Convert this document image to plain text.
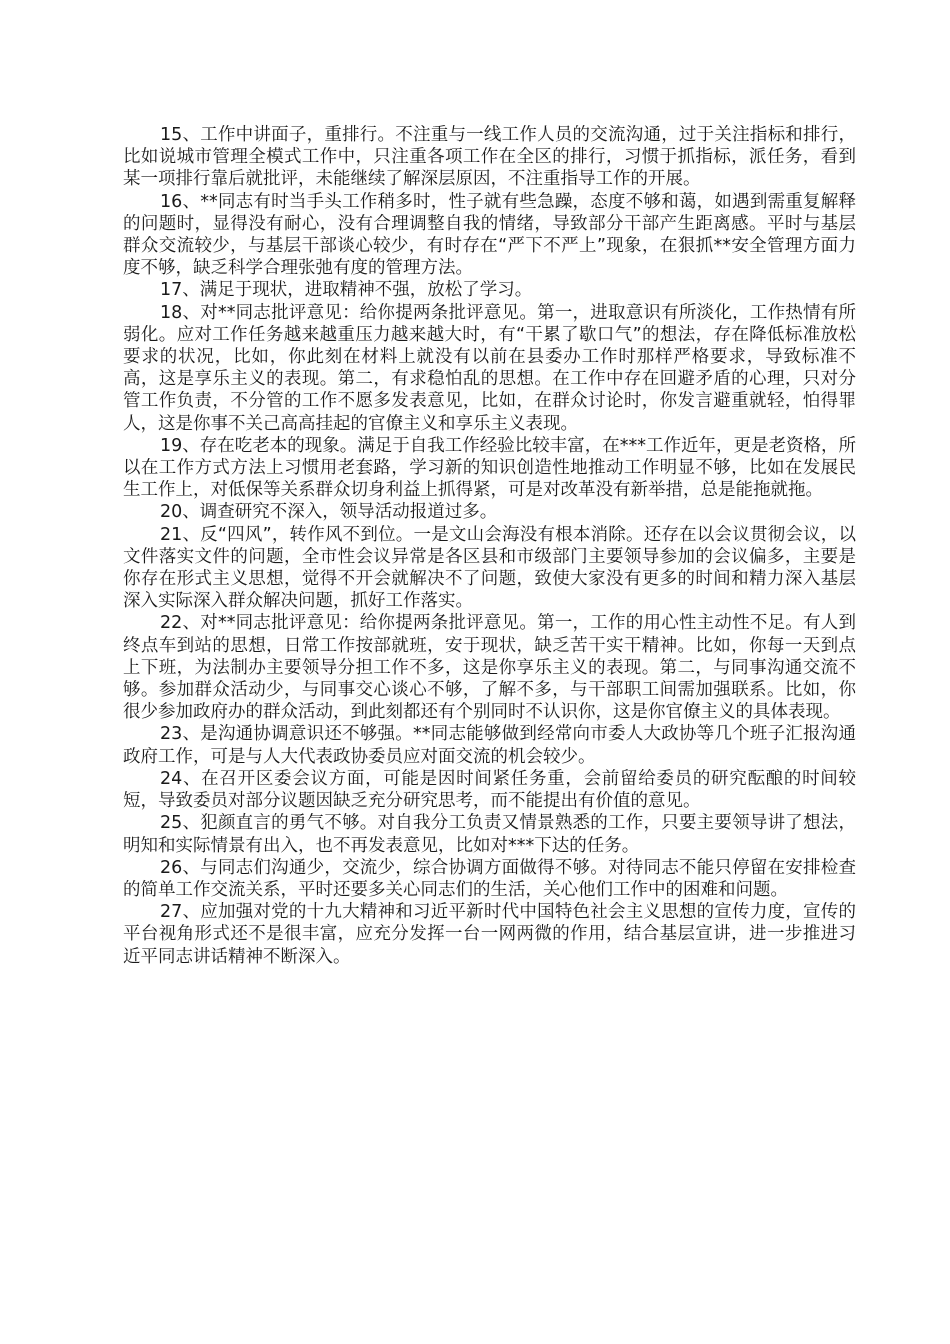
15、工作中讲面子，重排行。不注重与一线工作人员的交流沟通，过于关注指标和排行，比如说城市管理全模式工作中，只注重各项工作在全区的排行，习惯于抓指标，派任务，看到某一项排行靠后就批评，未能继续了解深层原因，不注重指导工作的开展。

16、**同志有时当手头工作稍多时，性子就有些急躁，态度不够和蔼，如遇到需重复解释的问题时，显得没有耐心，没有合理调整自我的情绪，导致部分干部产生距离感。平时与基层群众交流较少，与基层干部谈心较少，有时存在“严下不严上”现象，在狠抓**安全管理方面力度不够，缺乏科学合理张弛有度的管理方法。

17、满足于现状，进取精神不强，放松了学习。

18、对**同志批评意见：给你提两条批评意见。第一，进取意识有所淡化，工作热情有所弱化。应对工作任务越来越重压力越来越大时，有“干累了歇口气”的想法，存在降低标准放松要求的状况，比如，你此刻在材料上就没有以前在县委办工作时那样严格要求，导致标准不高，这是享乐主义的表现。第二，有求稳怕乱的思想。在工作中存在回避矛盾的心理，只对分管工作负责，不分管的工作不愿多发表意见，比如，在群众讨论时，你发言避重就轻，怕得罪人，这是你事不关己高高挂起的官僚主义和享乐主义表现。

19、存在吃老本的现象。满足于自我工作经验比较丰富，在***工作近年，更是老资格，所以在工作方式方法上习惯用老套路，学习新的知识创造性地推动工作明显不够，比如在发展民生工作上，对低保等关系群众切身利益上抓得紧，可是对改革没有新举措，总是能拖就拖。

20、调查研究不深入，领导活动报道过多。

21、反“四风”，转作风不到位。一是文山会海没有根本消除。还存在以会议贯彻会议，以文件落实文件的问题，全市性会议异常是各区县和市级部门主要领导参加的会议偏多，主要是你存在形式主义思想，觉得不开会就解决不了问题，致使大家没有更多的时间和精力深入基层深入实际深入群众解决问题，抓好工作落实。

22、对**同志批评意见：给你提两条批评意见。第一，工作的用心性主动性不足。有人到终点车到站的思想，日常工作按部就班，安于现状，缺乏苦干实干精神。比如，你每一天到点上下班，为法制办主要领导分担工作不多，这是你享乐主义的表现。第二，与同事沟通交流不够。参加群众活动少，与同事交心谈心不够，了解不多，与干部职工间需加强联系。比如，你很少参加政府办的群众活动，到此刻都还有个别同时不认识你，这是你官僚主义的具体表现。

23、是沟通协调意识还不够强。**同志能够做到经常向市委人大政协等几个班子汇报沟通政府工作，可是与人大代表政协委员应对面交流的机会较少。

24、在召开区委会议方面，可能是因时间紧任务重，会前留给委员的研究酝酿的时间较短，导致委员对部分议题因缺乏充分研究思考，而不能提出有价值的意见。

25、犯颜直言的勇气不够。对自我分工负责又情景熟悉的工作，只要主要领导讲了想法，明知和实际情景有出入，也不再发表意见，比如对***下达的任务。

26、与同志们沟通少，交流少，综合协调方面做得不够。对待同志不能只停留在安排检查的简单工作交流关系，平时还要多关心同志们的生活，关心他们工作中的困难和问题。

27、应加强对党的十九大精神和习近平新时代中国特色社会主义思想的宣传力度，宣传的平台视角形式还不是很丰富，应充分发挥一台一网两微的作用，结合基层宣讲，进一步推进习近平同志讲话精神不断深入。
